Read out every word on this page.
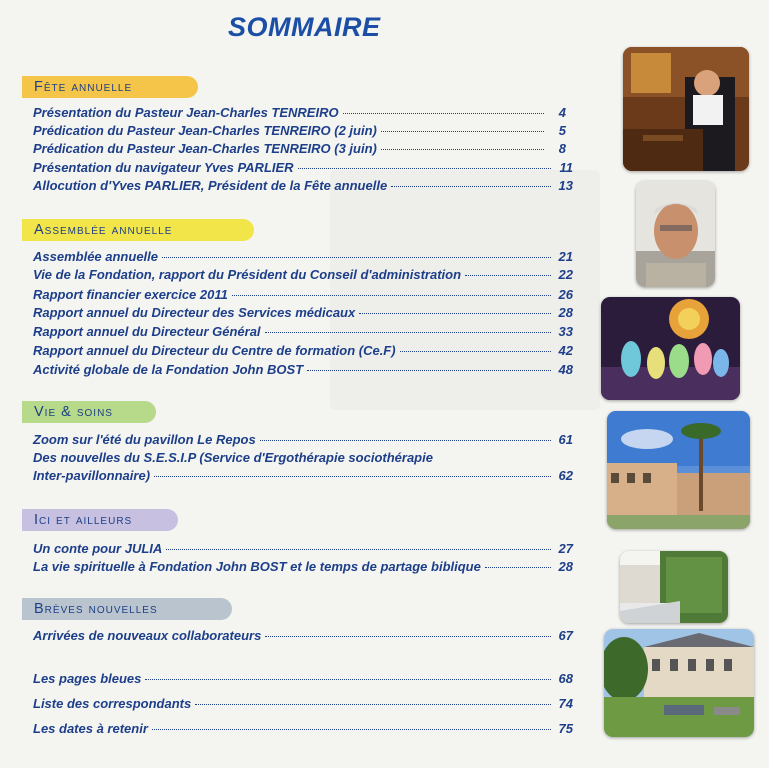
SOMMAIRE
Fête annuelle
Présentation du Pasteur Jean-Charles TENREIRO	4
Prédication du Pasteur Jean-Charles TENREIRO (2 juin)	5
Prédication du Pasteur Jean-Charles TENREIRO (3 juin)	8
Présentation du navigateur Yves PARLIER	11
Allocution d'Yves PARLIER, Président de la Fête annuelle	13
Assemblée annuelle
Assemblée annuelle	21
Vie de la Fondation, rapport du Président du Conseil d'administration	22
Rapport financier exercice 2011	26
Rapport annuel du Directeur des Services médicaux	28
Rapport annuel du Directeur Général	33
Rapport annuel du Directeur du Centre de formation (Ce.F)	42
Activité globale de la Fondation John BOST	48
Vie & soins
Zoom sur l'été du pavillon Le Repos	61
Des nouvelles du S.E.S.I.P (Service d'Ergothérapie sociothérapie
Inter-pavillonnaire)	62
Ici et ailleurs
Un conte pour JULIA	27
La vie spirituelle à Fondation John BOST et le temps de partage biblique	28
Brèves nouvelles
Arrivées de nouveaux collaborateurs	67
Les pages bleues	68
Liste des correspondants	74
Les dates à retenir	75
